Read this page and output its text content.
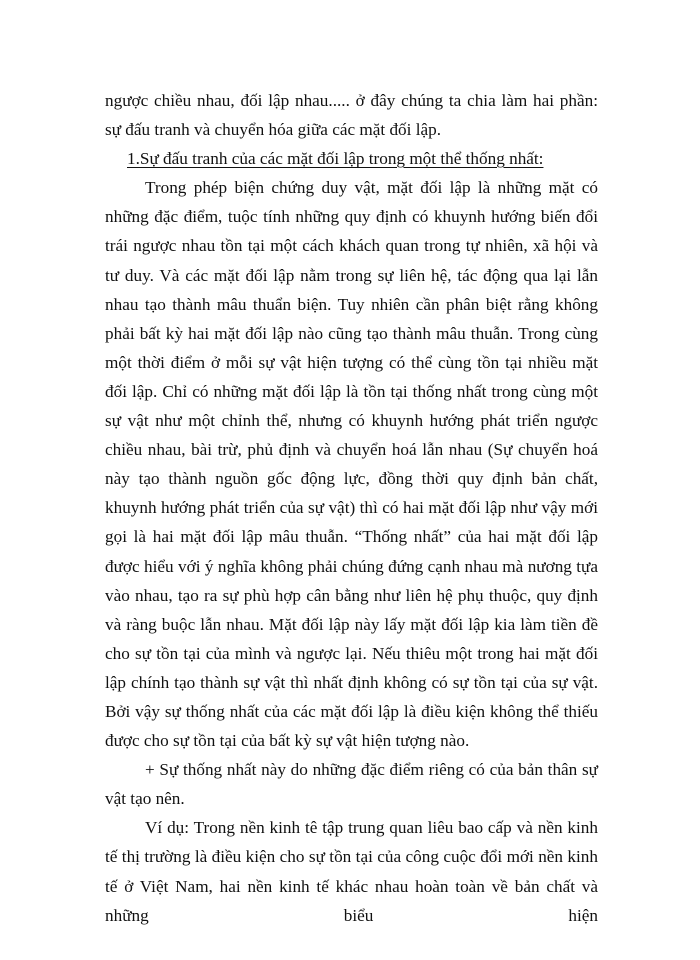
ngược chiều nhau, đối lập nhau..... ở đây chúng ta chia làm hai phần: sự đấu tranh và chuyển hóa giữa các mặt đối lập.

1.Sự đấu tranh của các mặt đối lập trong một thể thống nhất:

Trong phép biện chứng duy vật, mặt đối lập là những mặt có những đặc điểm, tuộc tính những quy định có khuynh hướng biến đổi trái ngược nhau tồn tại một cách khách quan trong tự nhiên, xã hội và tư duy. Và các mặt đối lập nằm trong sự liên hệ, tác động qua lại lẫn nhau tạo thành mâu thuẩn biện. Tuy nhiên cần phân biệt rằng không phải bất kỳ hai mặt đối lập nào cũng tạo thành mâu thuẫn. Trong cùng một thời điểm ở mỗi sự vật hiện tượng có thể cùng tồn tại nhiều mặt đối lập. Chỉ có những mặt đối lập là tồn tại thống nhất trong cùng một sự vật như một chỉnh thể, nhưng có khuynh hướng phát triển ngược chiều nhau, bài trừ, phủ định và chuyển hoá lẫn nhau (Sự chuyển hoá này tạo thành nguồn gốc động lực, đồng thời quy định bản chất, khuynh hướng phát triển của sự vật) thì có hai mặt đối lập như vậy mới gọi là hai mặt đối lập mâu thuẫn. “Thống nhất” của hai mặt đối lập được hiểu với ý nghĩa không phải chúng đứng cạnh nhau mà nương tựa vào nhau, tạo ra sự phù hợp cân bằng như liên hệ phụ thuộc, quy định và ràng buộc lẫn nhau. Mặt đối lập này lấy mặt đối lập kia làm tiền đề cho sự tồn tại của mình và ngược lại. Nếu thiêu một trong hai mặt đối lập chính tạo thành sự vật thì nhất định không có sự tồn tại của sự vật. Bởi vậy sự thống nhất của các mặt đối lập là điều kiện không thể thiếu được cho sự tồn tại của bất kỳ sự vật hiện tượng nào.

+ Sự thống nhất này do những đặc điểm riêng có của bản thân sự vật tạo nên.

Ví dụ: Trong nền kinh tê tập trung quan liêu bao cấp và nền kinh tế thị trường là điều kiện cho sự tồn tại của công cuộc đổi mới nền kinh tế ở Việt Nam, hai nền kinh tế khác nhau hoàn toàn về bản chất và những biểu hiện
